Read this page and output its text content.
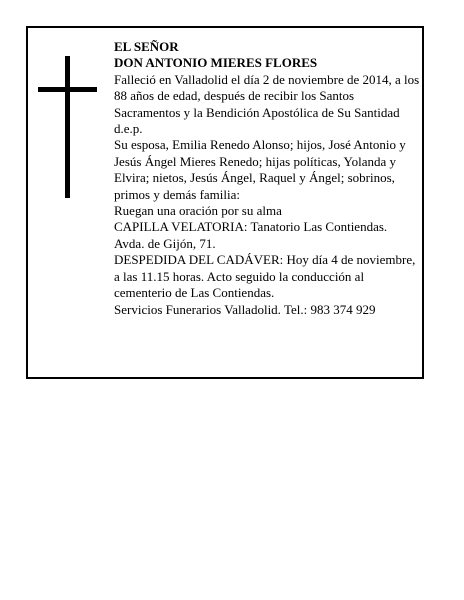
EL SEÑOR

DON ANTONIO MIERES FLORES

Falleció en Valladolid el día 2 de noviembre de 2014, a los 88 años de edad, después de recibir los Santos Sacramentos y la Bendición Apostólica de Su Santidad d.e.p.

Su esposa, Emilia Renedo Alonso; hijos, José Antonio y Jesús Ángel Mieres Renedo; hijas políticas, Yolanda y Elvira; nietos, Jesús Ángel, Raquel y Ángel; sobrinos, primos y demás familia:

Ruegan una oración por su alma

CAPILLA VELATORIA: Tanatorio Las Contiendas. Avda. de Gijón, 71.

DESPEDIDA DEL CADÁVER: Hoy día 4 de noviembre, a las 11.15 horas. Acto seguido la conducción al cementerio de Las Contiendas.

Servicios Funerarios Valladolid. Tel.: 983 374 929
